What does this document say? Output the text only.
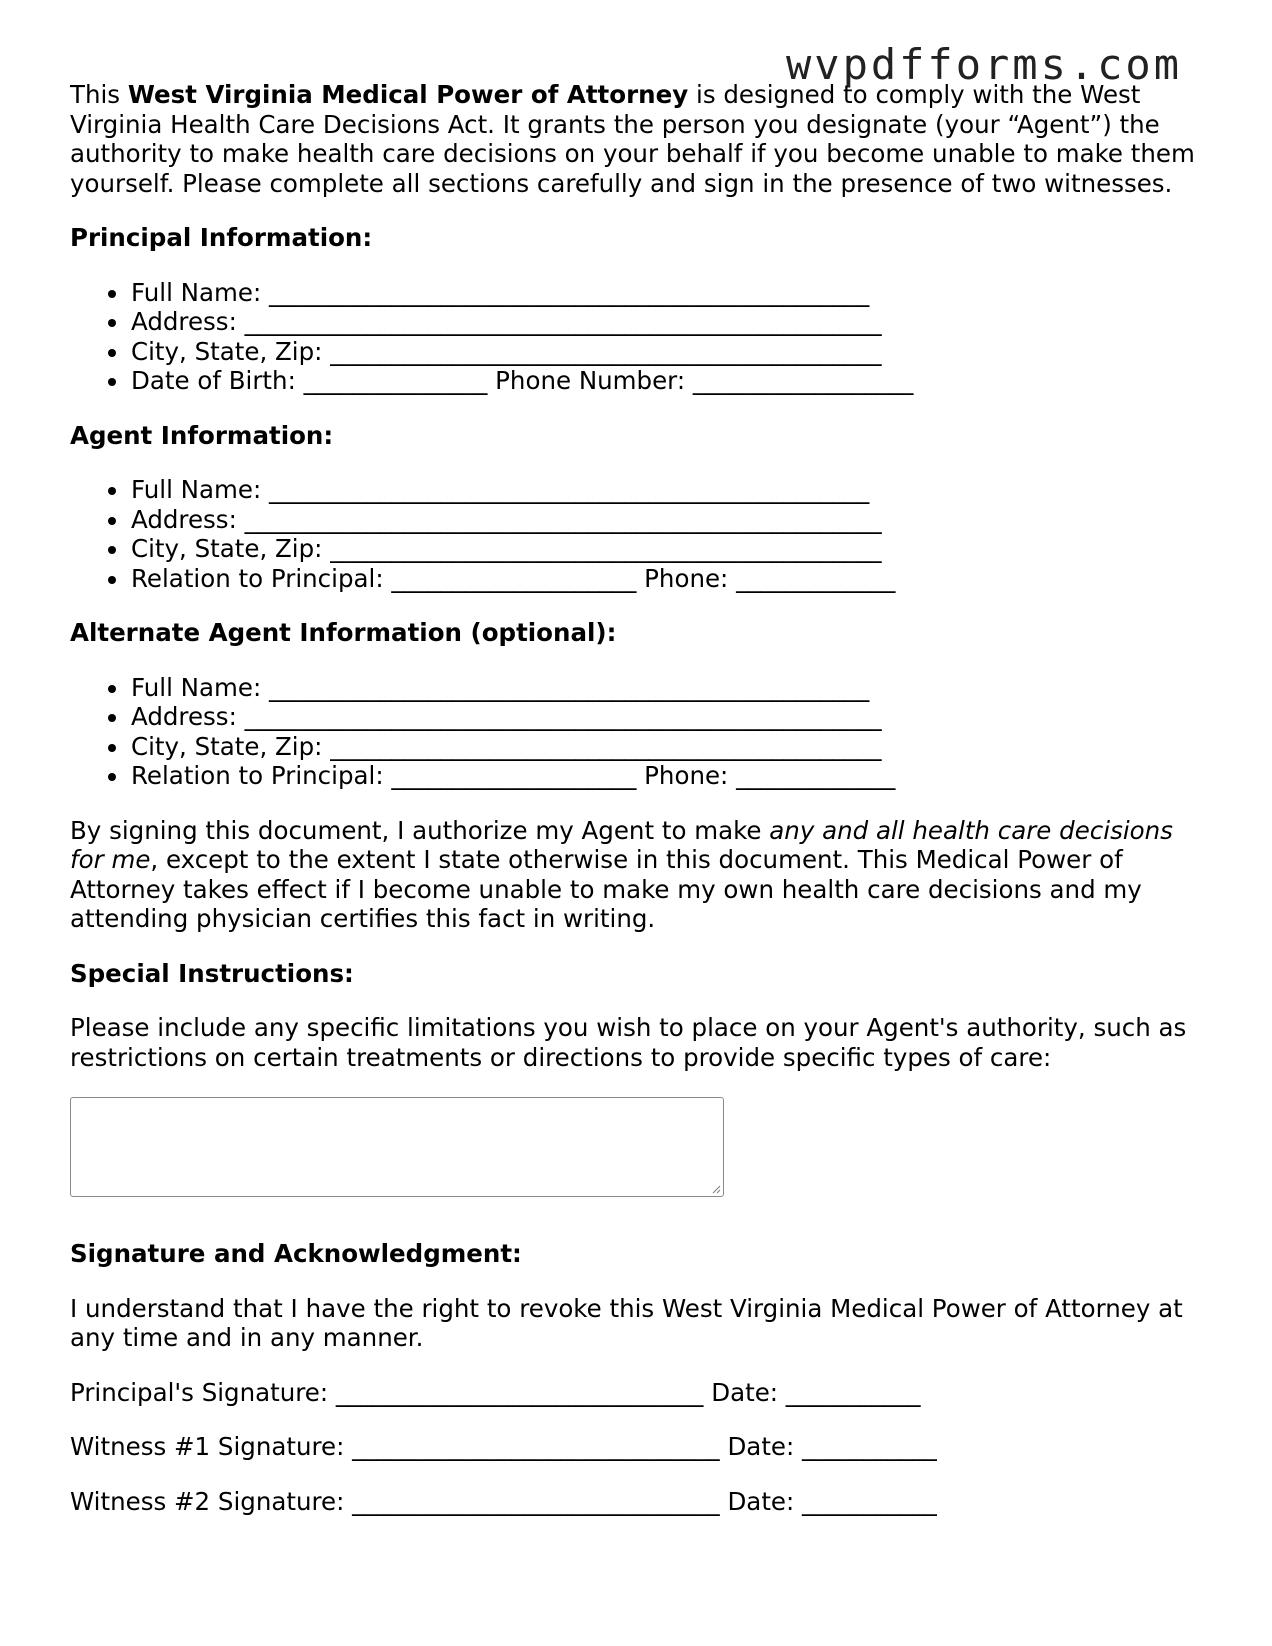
wvpdfforms.com

This West Virginia Medical Power of Attorney is designed to comply with the West Virginia Health Care Decisions Act. It grants the person you designate (your “Agent”) the authority to make health care decisions on your behalf if you become unable to make them yourself. Please complete all sections carefully and sign in the presence of two witnesses.

Principal Information:
Full Name: _________________________________________________
Address: ____________________________________________________
City, State, Zip: _____________________________________________
Date of Birth: _______________ Phone Number: __________________
Agent Information:
Full Name: _________________________________________________
Address: ____________________________________________________
City, State, Zip: _____________________________________________
Relation to Principal: ____________________ Phone: _____________
Alternate Agent Information (optional):
Full Name: _________________________________________________
Address: ____________________________________________________
City, State, Zip: _____________________________________________
Relation to Principal: ____________________ Phone: _____________

By signing this document, I authorize my Agent to make any and all health care decisions for me, except to the extent I state otherwise in this document. This Medical Power of Attorney takes effect if I become unable to make my own health care decisions and my attending physician certifies this fact in writing.

Special Instructions:

Please include any specific limitations you wish to place on your Agent's authority, such as restrictions on certain treatments or directions to provide specific types of care:

Signature and Acknowledgment:

I understand that I have the right to revoke this West Virginia Medical Power of Attorney at any time and in any manner.

Principal's Signature: ______________________________ Date: ___________

Witness #1 Signature: ______________________________ Date: ___________

Witness #2 Signature: ______________________________ Date: ___________
